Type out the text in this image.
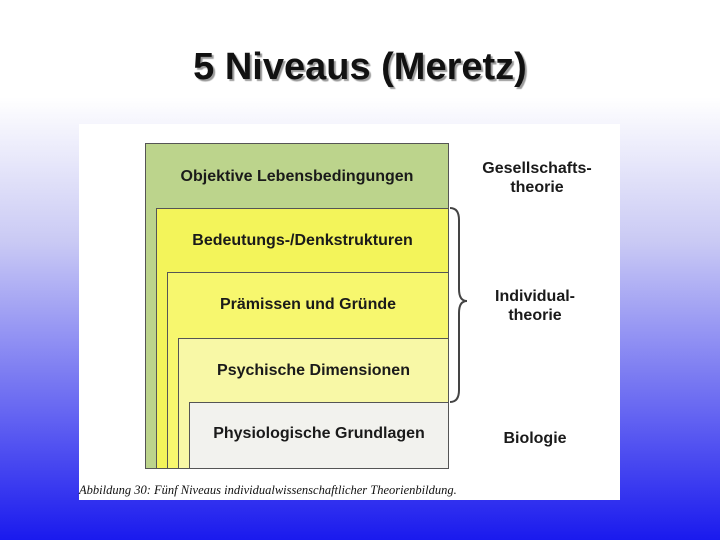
5 Niveaus (Meretz)
Objektive Lebensbedingungen
Bedeutungs-/Denkstrukturen
Prämissen und Gründe
Psychische Dimensionen
Physiologische Grundlagen
Gesellschafts-
theorie
Individual-
theorie
Biologie
Abbildung 30: Fünf Niveaus individualwissenschaftlicher Theorienbildung.
